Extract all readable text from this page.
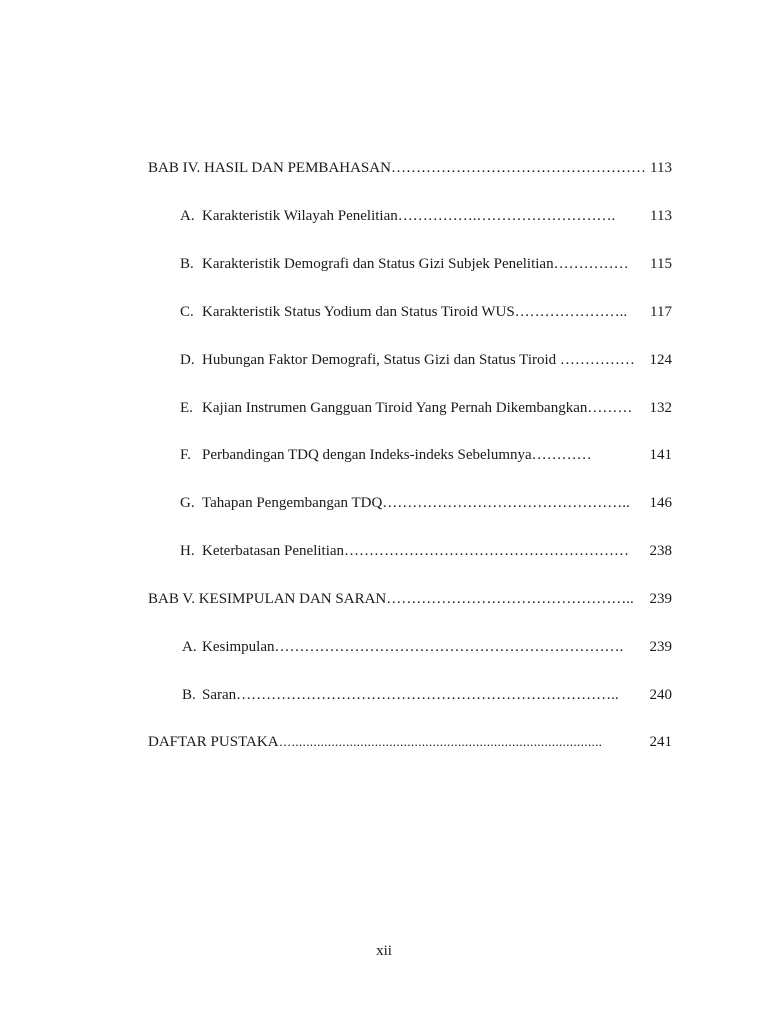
BAB IV. HASIL DAN PEMBAHASAN…………………………………………… 113
A. Karakteristik Wilayah Penelitian…………….………………………. 113
B. Karakteristik Demografi dan Status Gizi Subjek Penelitian…………… 115
C. Karakteristik Status Yodium dan Status Tiroid WUS………………….. 117
D. Hubungan Faktor Demografi, Status Gizi dan Status Tiroid …………… 124
E. Kajian Instrumen Gangguan Tiroid Yang Pernah Dikembangkan……… 132
F. Perbandingan TDQ dengan Indeks-indeks Sebelumnya…………	141
G. Tahapan Pengembangan TDQ………………………………………….. 146
H. Keterbatasan Penelitian………………………………………………… 238
BAB V. KESIMPULAN DAN SARAN………………………………………….. 239
A. Kesimpulan……………………………………………………………. 239
B. Saran………………………………………………………………….. 240
DAFTAR PUSTAKA…......................................................................................	241
xii
